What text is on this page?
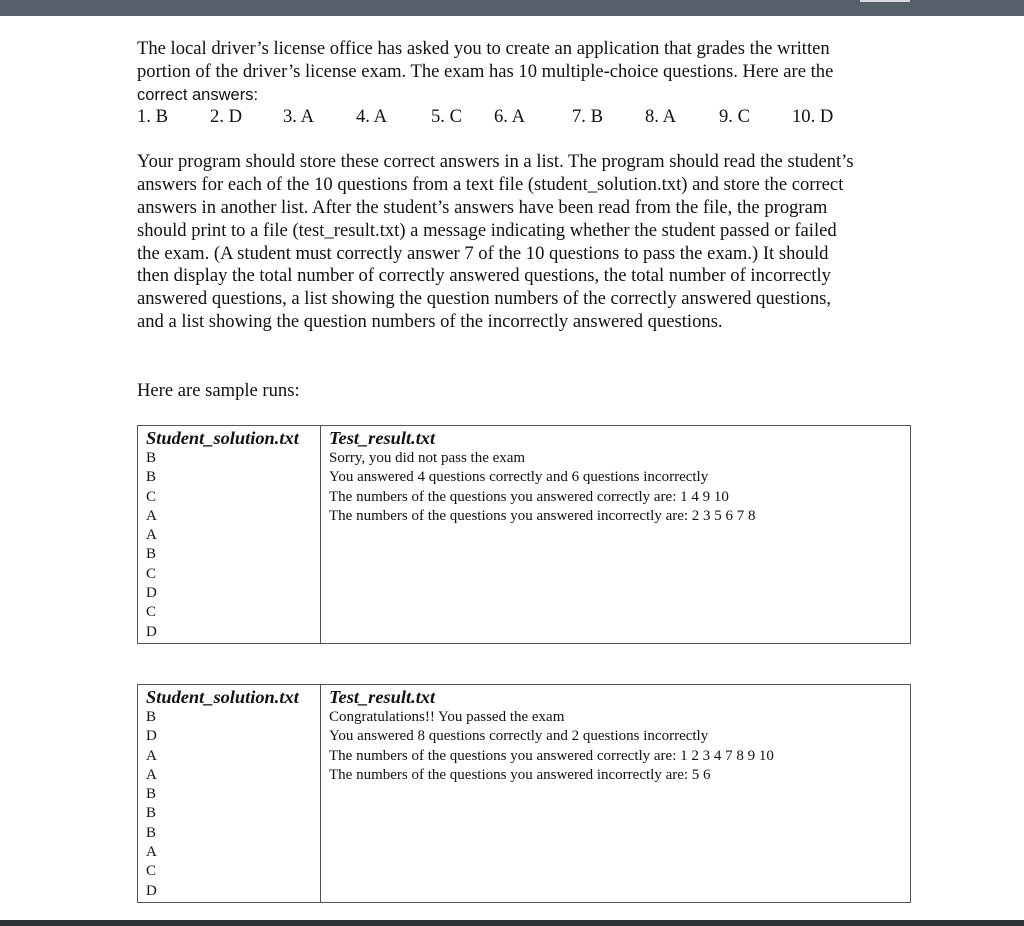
The local driver’s license office has asked you to create an application that grades the written
portion of the driver’s license exam. The exam has 10 multiple-choice questions. Here are the
correct answers:

1. B 2. D 3. A 4. A 5. C 6. A	7. B 8. A 9. C 10. D

Your program should store these correct answers in a list. The program should read the student’s
answers for each of the 10 questions from a text file (student_solution.txt) and store the correct
answers in another list. After the student’s answers have been read from the file, the program
should print to a file (test_result.txt) a message indicating whether the student passed or failed
the exam. (A student must correctly answer 7 of the 10 questions to pass the exam.) It should
then display the total number of correctly answered questions, the total number of incorrectly
answered questions, a list showing the question numbers of the correctly answered questions,
and a list showing the question numbers of the incorrectly answered questions.

Here are sample runs:
Student_solution.txt
B
B
C
A
A
B
C
D
C
D

Test_result.txt
Sorry, you did not pass the exam
You answered 4 questions correctly and 6 questions incorrectly
The numbers of the questions you answered correctly are: 1 4 9 10
The numbers of the questions you answered incorrectly are: 2 3 5 6 7 8
Student_solution.txt
B
D
A
A
B
B
B
A
C
D

Test_result.txt
Congratulations!! You passed the exam
You answered 8 questions correctly and 2 questions incorrectly
The numbers of the questions you answered correctly are: 1 2 3 4 7 8 9 10
The numbers of the questions you answered incorrectly are: 5 6
